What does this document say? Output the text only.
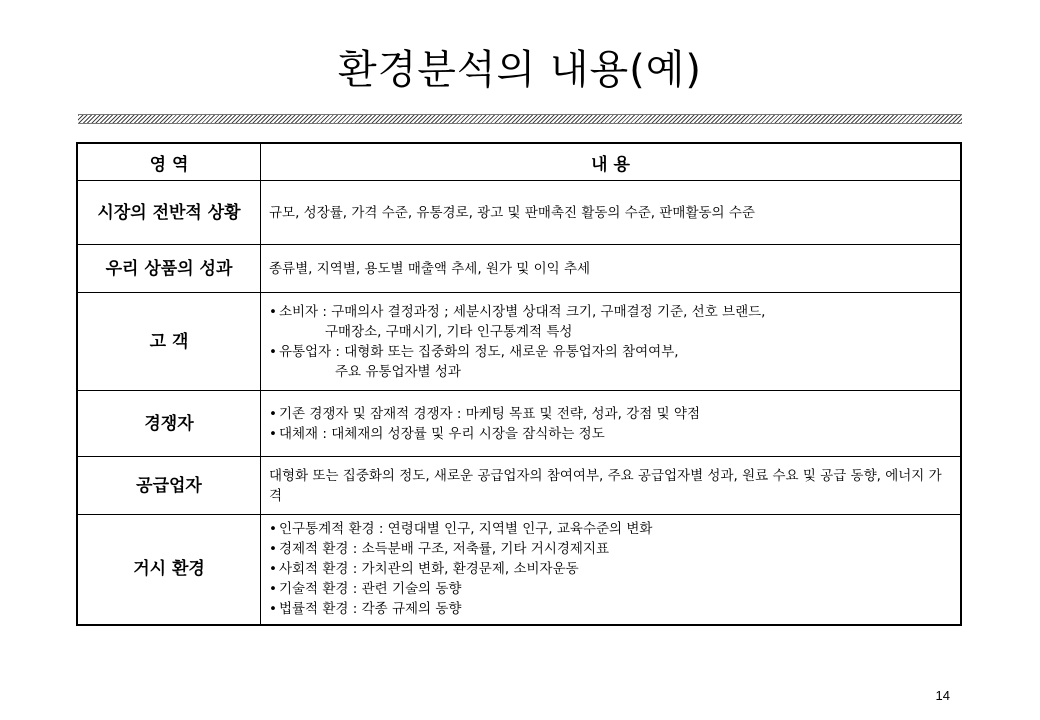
환경분석의 내용(예)
영 역	내 용
시장의 전반적 상황	규모, 성장률, 가격 수준, 유통경로, 광고 및 판매촉진 활동의 수준, 판매활동의 수준
우리 상품의 성과	종류별, 지역별, 용도별 매출액 추세, 원가 및 이익 추세
고 객	• 소비자 : 구매의사 결정과정 ; 세분시장별 상대적 크기, 구매결정 기준, 선호 브랜드,
구매장소, 구매시기, 기타 인구통계적 특성
• 유통업자 : 대형화 또는 집중화의 정도, 새로운 유통업자의 참여여부,
주요 유통업자별 성과

경쟁자	• 기존 경쟁자 및 잠재적 경쟁자 : 마케팅 목표 및 전략, 성과, 강점 및 약점
• 대체재 : 대체재의 성장률 및 우리 시장을 잠식하는 정도

공급업자	대형화 또는 집중화의 정도, 새로운 공급업자의 참여여부, 주요 공급업자별 성과, 원료 수요 및 공급 동향, 에너지 가격
거시 환경	• 인구통계적 환경 : 연령대별 인구, 지역별 인구, 교육수준의 변화
• 경제적 환경 : 소득분배 구조, 저축률, 기타 거시경제지표
• 사회적 환경 : 가치관의 변화, 환경문제, 소비자운동
• 기술적 환경 : 관련 기술의 동향
• 법률적 환경 : 각종 규제의 동향
14
